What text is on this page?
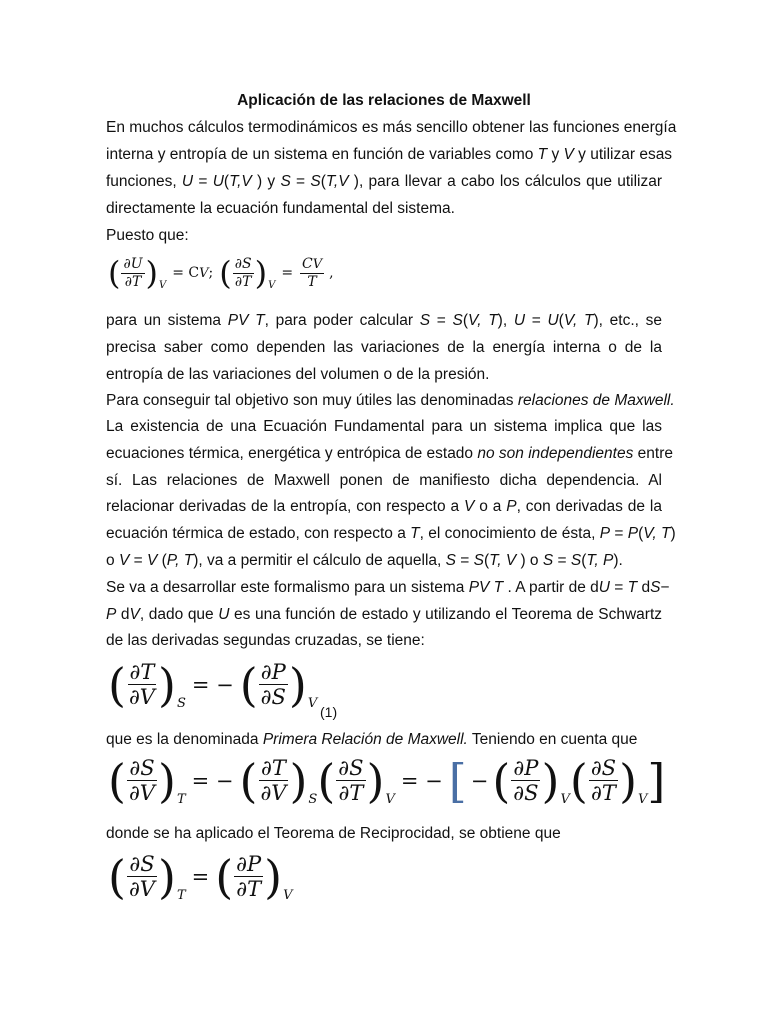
Aplicación de las relaciones de Maxwell
En muchos cálculos termodinámicos es más sencillo obtener las funciones energía
interna y entropía de un sistema en función de variables como T y V y utilizar esas
funciones, U = U(T,V ) y S = S(T,V ), para llevar a cabo los cálculos que utilizar
directamente la ecuación fundamental del sistema.
Puesto que:
( $\frac{\partial U}{\partial T}$ ) V
= CV; ( $\frac{\partial S}{\partial T}$ ) V
= $\frac{CV}{T}$ ,
para un sistema PV T, para poder calcular S = S(V, T), U = U(V, T), etc., se
precisa saber como dependen las variaciones de la energía interna o de la
entropía de las variaciones del volumen o de la presión.
Para conseguir tal objetivo son muy útiles las denominadas relaciones de Maxwell.
La existencia de una Ecuación Fundamental para un sistema implica que las
ecuaciones térmica, energética y entrópica de estado no son independientes entre
sí. Las relaciones de Maxwell ponen de manifiesto dicha dependencia. Al
relacionar derivadas de la entropía, con respecto a V o a P, con derivadas de la
ecuación térmica de estado, con respecto a T, el conocimiento de ésta, P = P(V, T)
o V = V (P, T), va a permitir el cálculo de aquella, S = S(T, V ) o S = S(T, P).
Se va a desarrollar este formalismo para un sistema PV T . A partir de dU = T dS−
P dV, dado que U es una función de estado y utilizando el Teorema de Schwartz
de las derivadas segundas cruzadas, se tiene:
( $\frac{\partial T}{\partial V}$ ) S
= − ( $\frac{\partial P}{\partial S}$ ) V
(1)
que es la denominada Primera Relación de Maxwell. Teniendo en cuenta que
( $\frac{\partial S}{\partial V}$ ) T
= − ( $\frac{\partial T}{\partial V}$ ) S ( $\frac{\partial S}{\partial T}$ ) V
= − [ − ( $\frac{\partial P}{\partial S}$ ) V ( $\frac{\partial S}{\partial T}$ ) V ]
donde se ha aplicado el Teorema de Reciprocidad, se obtiene que
( $\frac{\partial S}{\partial V}$ ) T
= ( $\frac{\partial P}{\partial T}$ ) V
